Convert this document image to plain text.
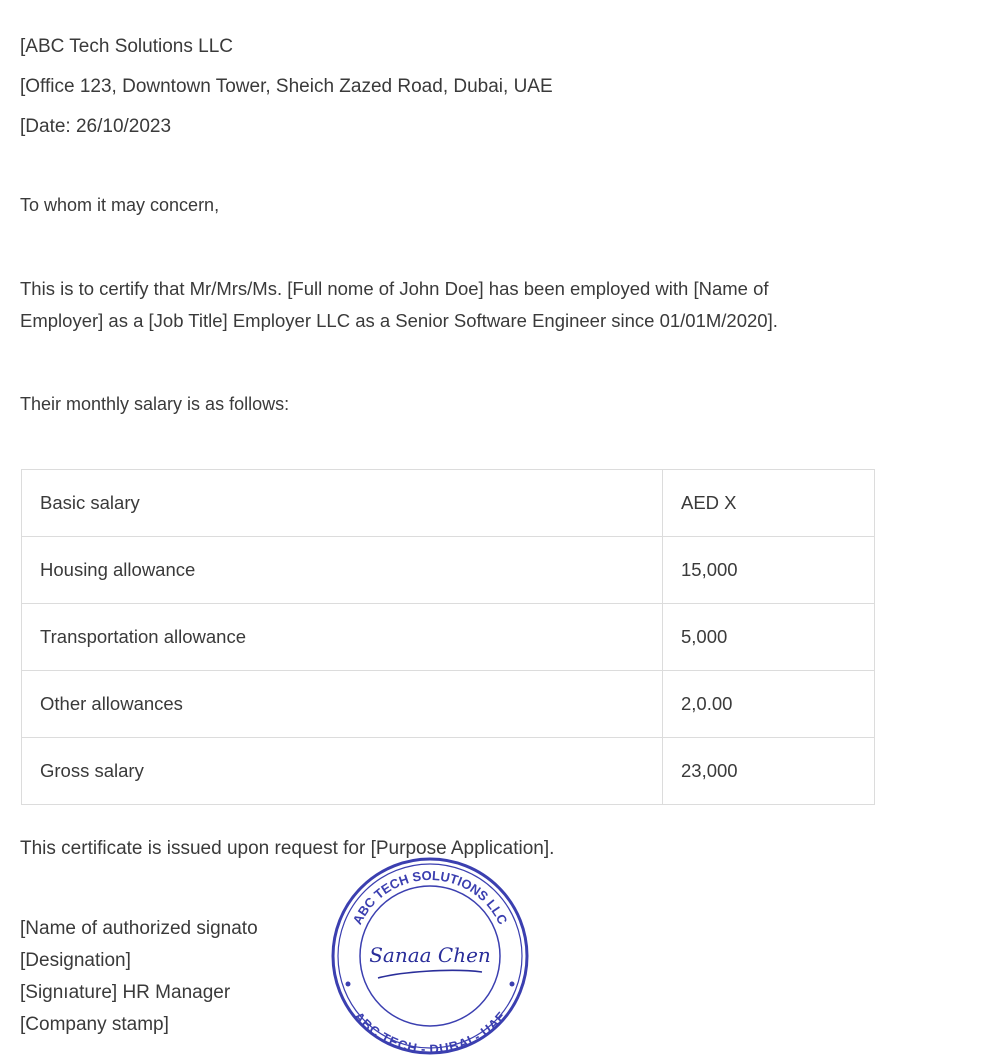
[ABC Tech Solutions LLC
[Office 123, Downtown Tower, Sheich Zazed Road, Dubai, UAE
[Date: 26/10/2023
To whom it may concern,
This is to certify that Mr/Mrs/Ms. [Full nome of John Doe] has been employed with [Name of
Employer] as a [Job Title] Employer LLC as a Senior Software Engineer since 01/01M/2020].
Their monthly salary is as follows:
Basic salary	AED X
Housing allowance	15,000
Transportation allowance	5,000
Other allowances	2,0.00
Gross salary	23,000
This certificate is issued upon request for [Purpose Application].
[Name of authorized signato
[Designation]
[Signıature] HR Manager
[Company stamp]
ABC TECH SOLUTIONS LLC
ABC TECH - DUBAI - UAE
Sanaa Chen
